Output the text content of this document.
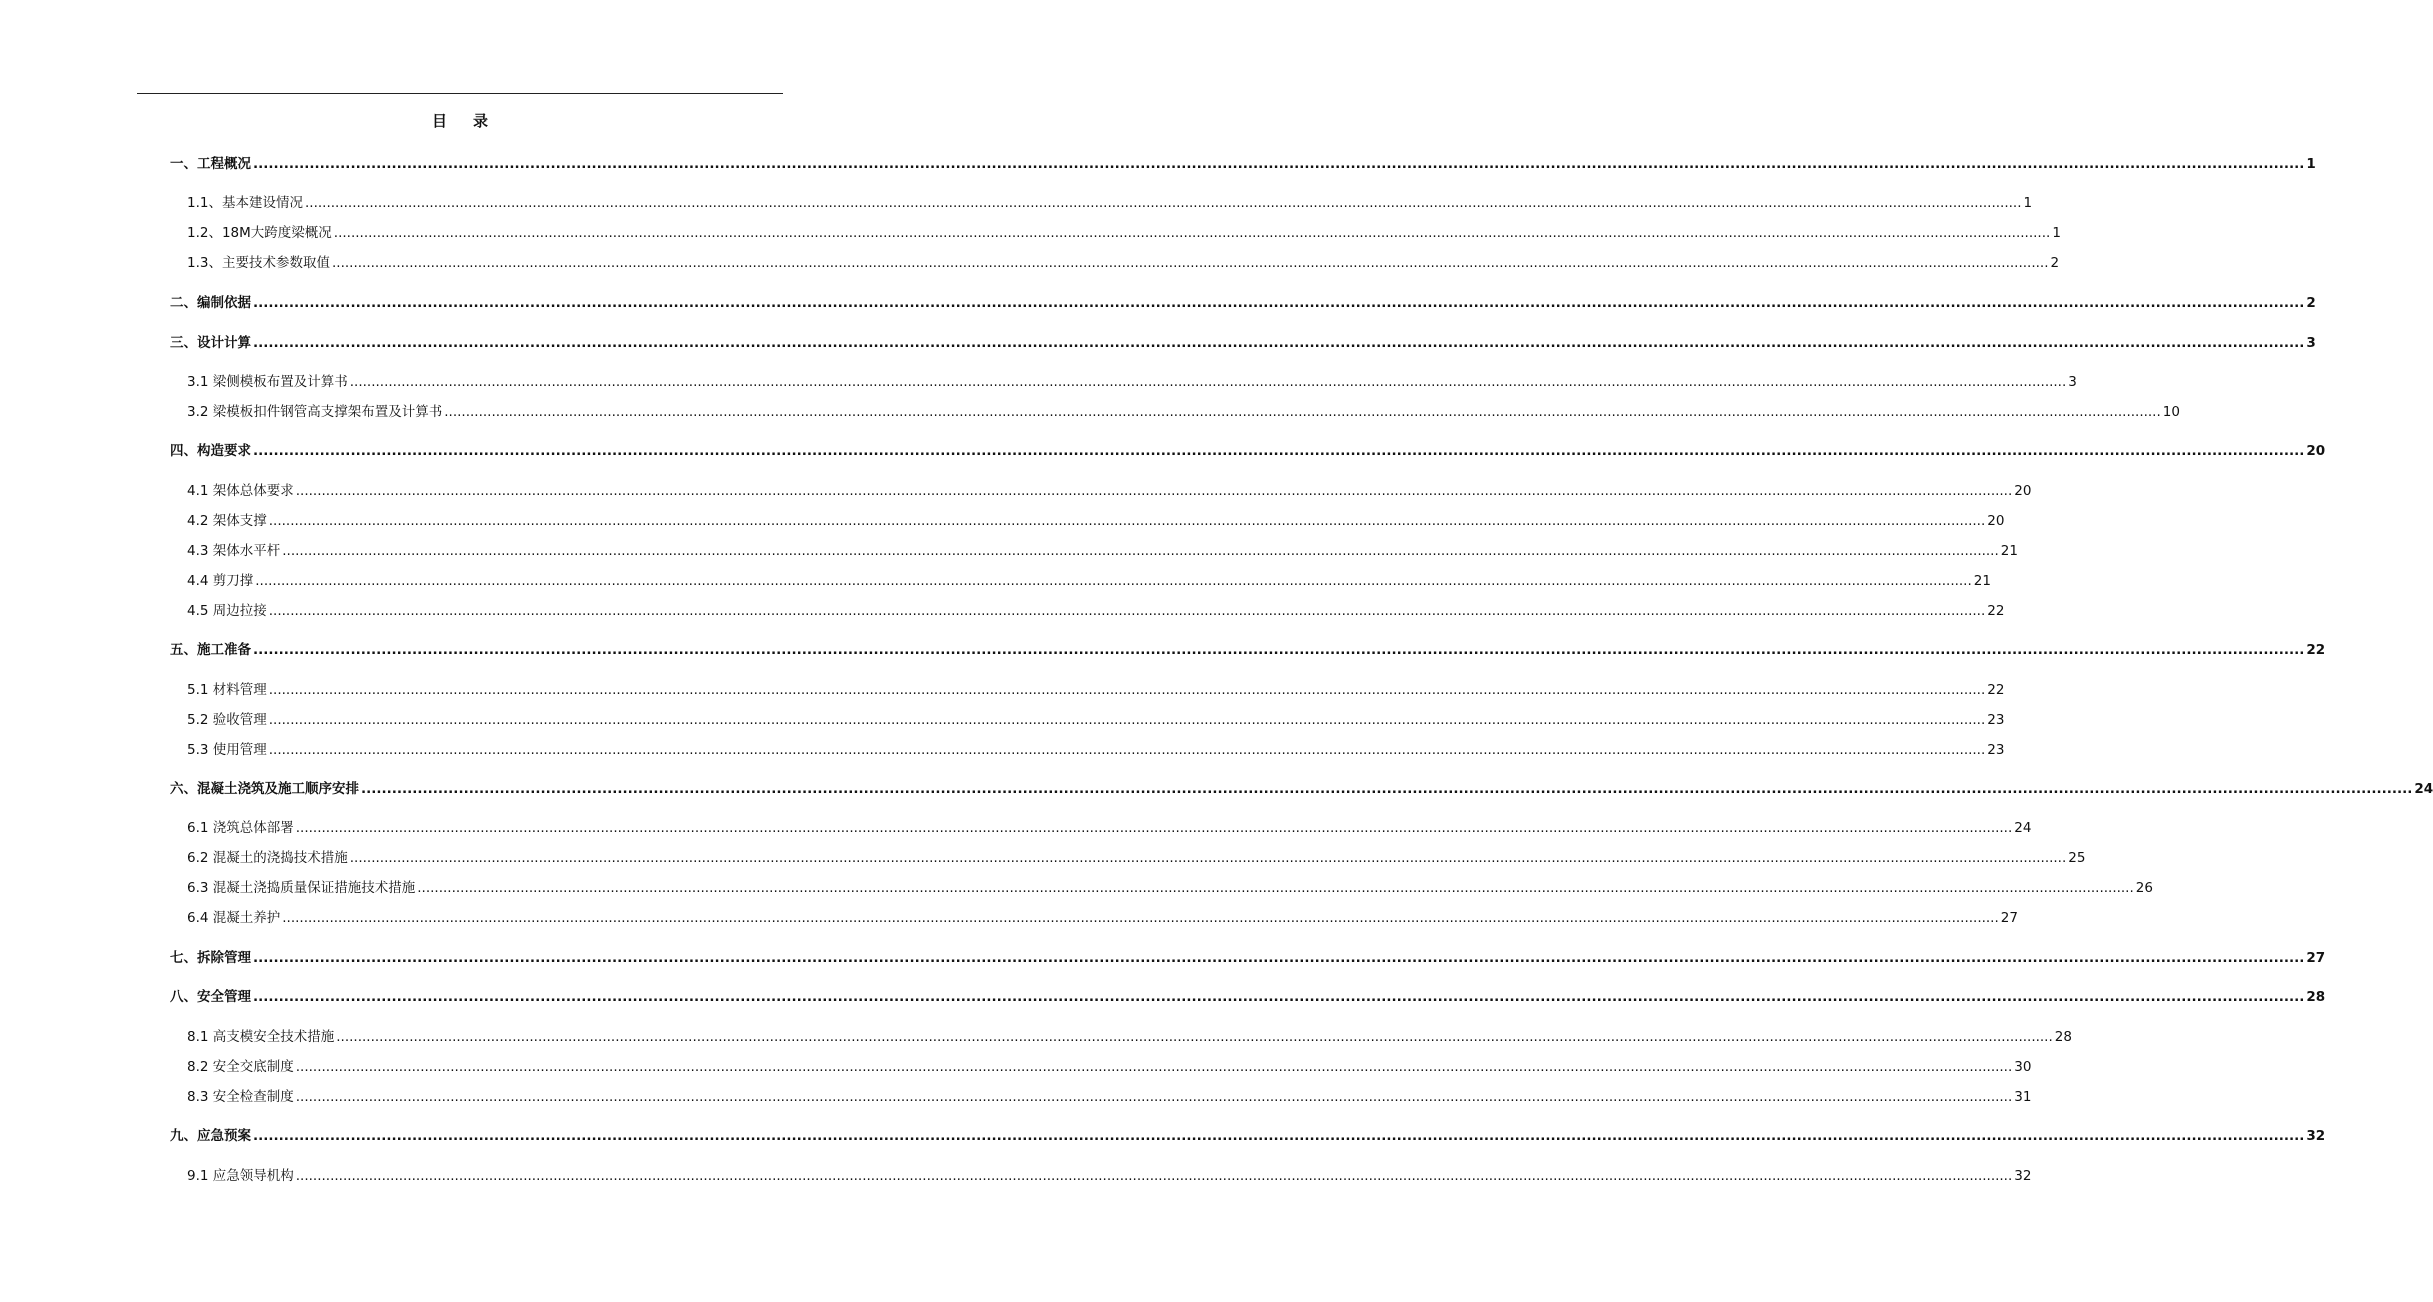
目 录
一、工程概况 ................................................................................................................................................................................................................................................................................................................................................................................................................ 1
1.1、基本建设情况 ................................................................................................................................................................................................................................................................................................................................................................................................................ 1
1.2、18M大跨度梁概况 ................................................................................................................................................................................................................................................................................................................................................................................................................ 1
1.3、主要技术参数取值 ................................................................................................................................................................................................................................................................................................................................................................................................................ 2
二、编制依据 ................................................................................................................................................................................................................................................................................................................................................................................................................ 2
三、设计计算 ................................................................................................................................................................................................................................................................................................................................................................................................................ 3
3.1 梁侧模板布置及计算书 ................................................................................................................................................................................................................................................................................................................................................................................................................ 3
3.2 梁模板扣件钢管高支撑架布置及计算书 ................................................................................................................................................................................................................................................................................................................................................................................................................ 10
四、构造要求 ................................................................................................................................................................................................................................................................................................................................................................................................................ 20
4.1 架体总体要求 ................................................................................................................................................................................................................................................................................................................................................................................................................ 20
4.2 架体支撑 ................................................................................................................................................................................................................................................................................................................................................................................................................ 20
4.3 架体水平杆 ................................................................................................................................................................................................................................................................................................................................................................................................................ 21
4.4 剪刀撑 ................................................................................................................................................................................................................................................................................................................................................................................................................ 21
4.5 周边拉接 ................................................................................................................................................................................................................................................................................................................................................................................................................ 22
五、施工准备 ................................................................................................................................................................................................................................................................................................................................................................................................................ 22
5.1 材料管理 ................................................................................................................................................................................................................................................................................................................................................................................................................ 22
5.2 验收管理 ................................................................................................................................................................................................................................................................................................................................................................................................................ 23
5.3 使用管理 ................................................................................................................................................................................................................................................................................................................................................................................................................ 23
六、混凝土浇筑及施工顺序安排 ................................................................................................................................................................................................................................................................................................................................................................................................................ 24
6.1 浇筑总体部署 ................................................................................................................................................................................................................................................................................................................................................................................................................ 24
6.2 混凝土的浇捣技术措施 ................................................................................................................................................................................................................................................................................................................................................................................................................ 25
6.3 混凝土浇捣质量保证措施技术措施 ................................................................................................................................................................................................................................................................................................................................................................................................................ 26
6.4 混凝土养护 ................................................................................................................................................................................................................................................................................................................................................................................................................ 27
七、拆除管理 ................................................................................................................................................................................................................................................................................................................................................................................................................ 27
八、安全管理 ................................................................................................................................................................................................................................................................................................................................................................................................................ 28
8.1 高支模安全技术措施 ................................................................................................................................................................................................................................................................................................................................................................................................................ 28
8.2 安全交底制度 ................................................................................................................................................................................................................................................................................................................................................................................................................ 30
8.3 安全检查制度 ................................................................................................................................................................................................................................................................................................................................................................................................................ 31
九、应急预案 ................................................................................................................................................................................................................................................................................................................................................................................................................ 32
9.1 应急领导机构 ................................................................................................................................................................................................................................................................................................................................................................................................................ 32
